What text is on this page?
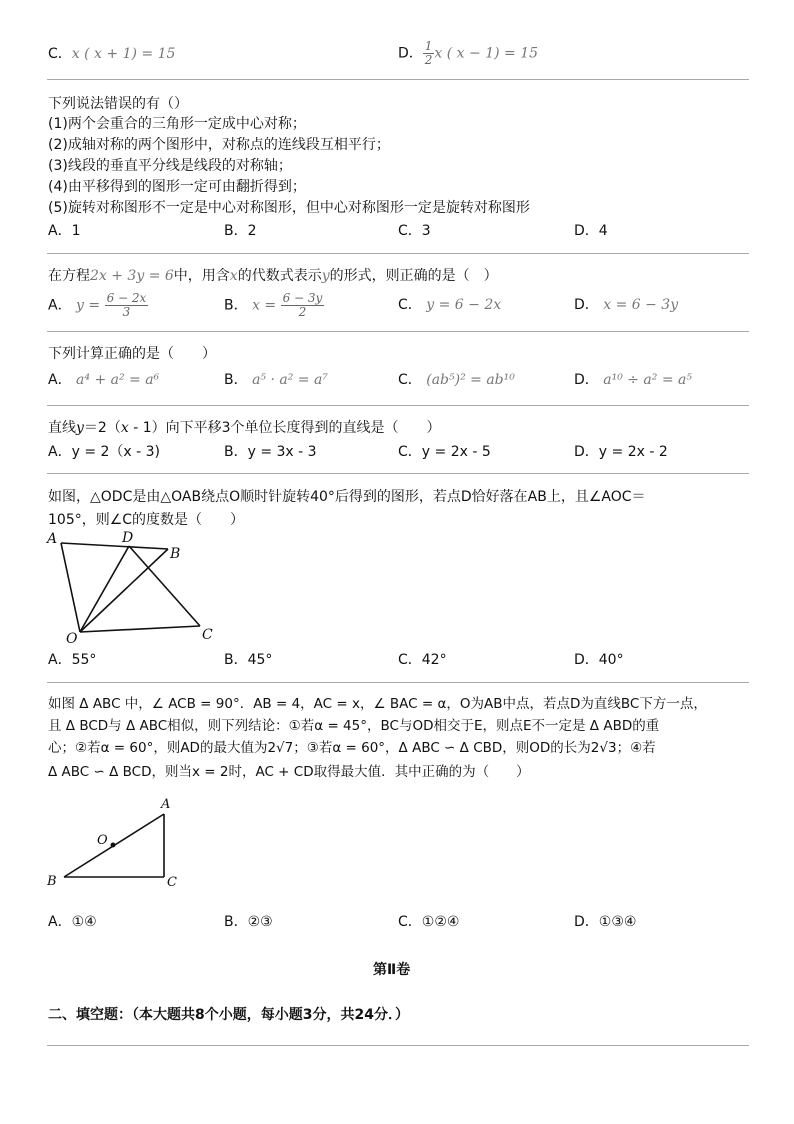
C．x ( x + 1) = 15	D． $\frac{1}{2}$ x ( x − 1) = 15
下列说法错误的有（）
(1)两个会重合的三角形一定成中心对称；
(2)成轴对称的两个图形中，对称点的连线段互相平行；
(3)线段的垂直平分线是线段的对称轴；
(4)由平移得到的图形一定可由翻折得到；
(5)旋转对称图形不一定是中心对称图形，但中心对称图形一定是旋转对称图形
A．1	B．2	C．3	D．4
在方程2x + 3y = 6中，用含x的代数式表示y的形式，则正确的是（　）
A． $y = \frac{6 - 2x}{3}$	B． $x = \frac{6 - 3y}{2}$	C． y = 6 − 2x	D． x = 6 − 3y
下列计算正确的是（　　）
A． a⁴ + a² = a⁶	B． a⁵ · a² = a⁷	C． (ab⁵)² = ab¹⁰	D． a¹⁰ ÷ a² = a⁵
直线y＝2（x - 1）向下平移3个单位长度得到的直线是（　　）
A．y = 2（x - 3)	B．y = 3x - 3	C．y = 2x - 5	D．y = 2x - 2
如图，△ODC是由△OAB绕点O顺时针旋转40°后得到的图形，若点D恰好落在AB上，且∠AOC＝
105°，则∠C的度数是（　　）
A	D
B
O	C
A．55°	B．45°	C．42°	D．40°
如图 Δ ABC 中，∠ ACB = 90°．AB = 4，AC = x，∠ BAC = α，O为AB中点，若点D为直线BC下方一点，
且 Δ BCD与 Δ ABC相似，则下列结论：①若α = 45°，BC与OD相交于E，则点E不一定是 Δ ABD的重
心；②若α = 60°，则AD的最大值为2√7；③若α = 60°，Δ ABC ∽ Δ CBD，则OD的长为2√3；④若
Δ ABC ∽ Δ BCD，则当x = 2时，AC + CD取得最大值．其中正确的为（　　）
A
O
B	C
A．①④	B．②③	C．①②④	D．①③④
第Ⅱ卷
二、填空题：（本大题共8个小题，每小题3分，共24分．）
